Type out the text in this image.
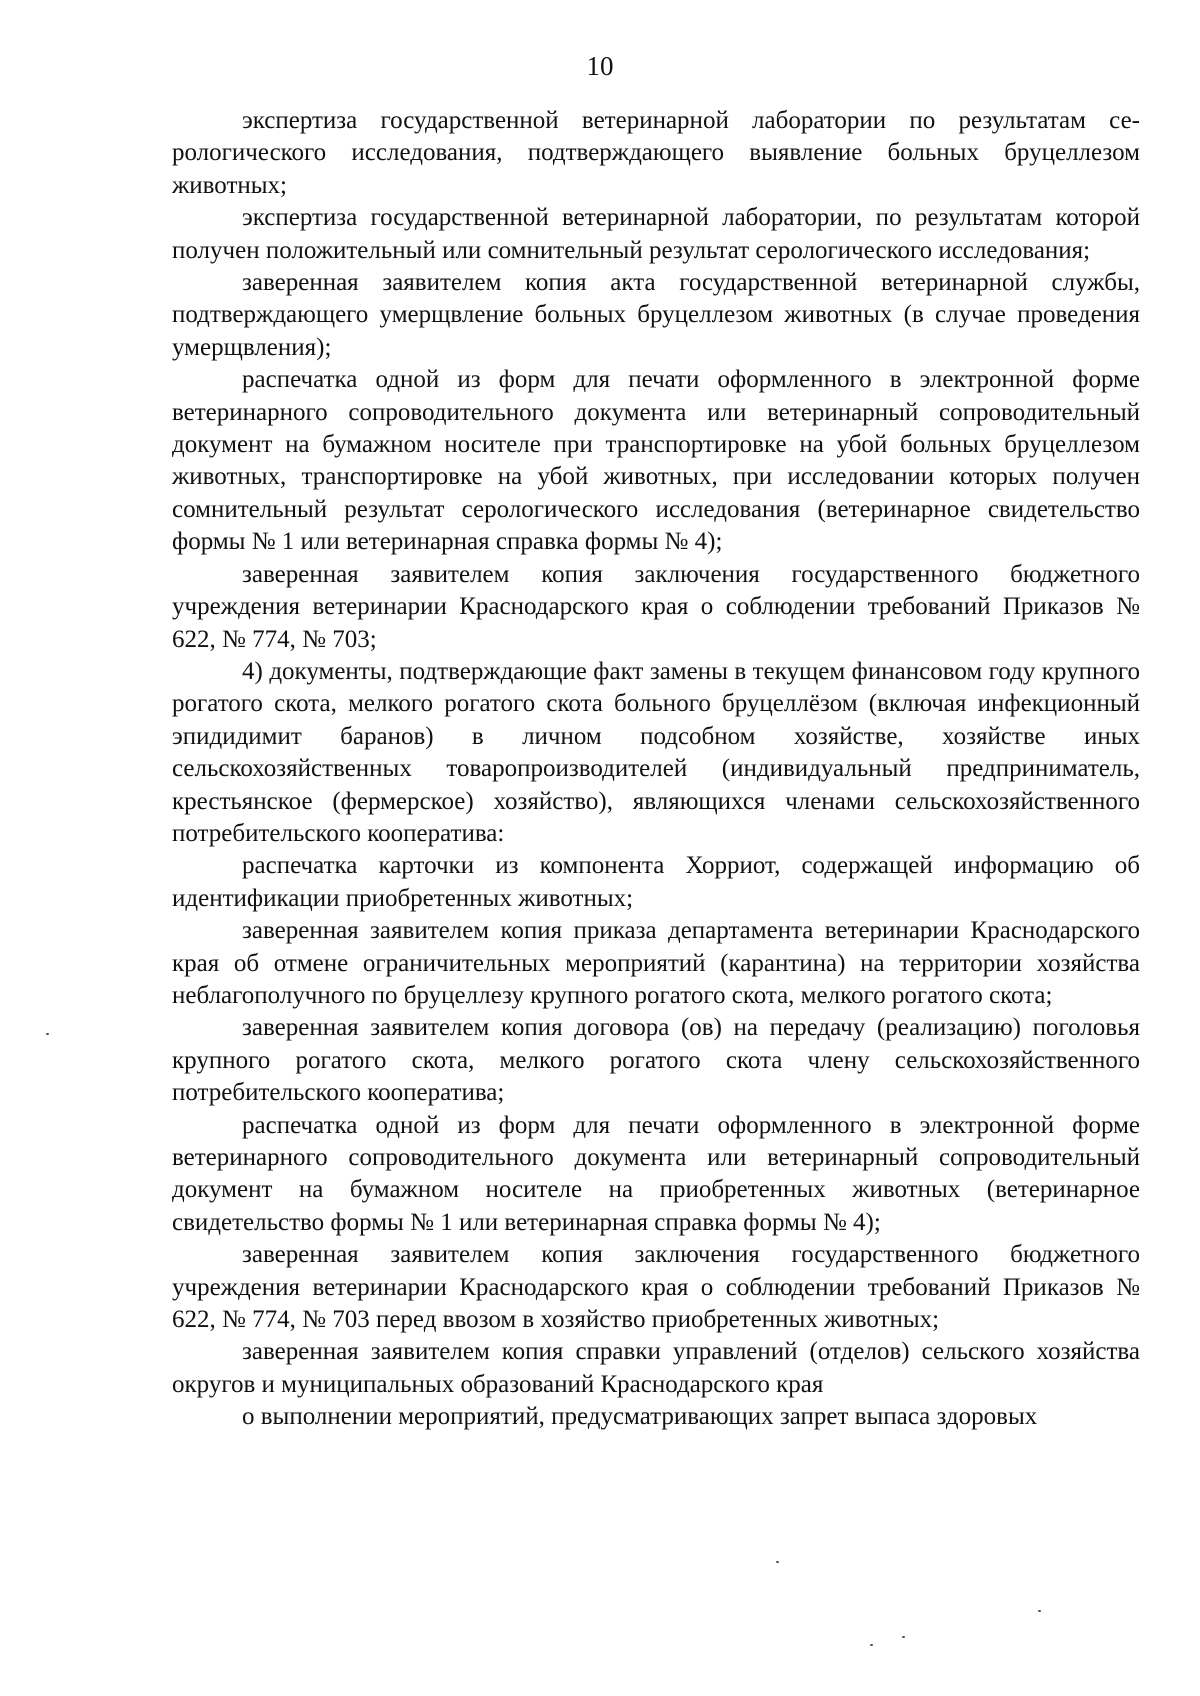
10

экспертиза государственной ветеринарной лаборатории по результатам серологического исследования, подтверждающего выявление больных бруцеллезом животных;

экспертиза государственной ветеринарной лаборатории, по результатам которой получен положительный или сомнительный результат серологического исследования;

заверенная заявителем копия акта государственной ветеринарной службы, подтверждающего умерщвление больных бруцеллезом животных (в случае проведения умерщвления);

распечатка одной из форм для печати оформленного в электронной форме ветеринарного сопроводительного документа или ветеринарный сопроводительный документ на бумажном носителе при транспортировке на убой больных бруцеллезом животных, транспортировке на убой животных, при исследовании которых получен сомнительный результат серологического исследования (ветеринарное свидетельство формы № 1 или ветеринарная справка формы № 4);

заверенная заявителем копия заключения государственного бюджетного учреждения ветеринарии Краснодарского края о соблюдении требований Приказов № 622, № 774, № 703;

4) документы, подтверждающие факт замены в текущем финансовом году крупного рогатого скота, мелкого рогатого скота больного бруцеллёзом (включая инфекционный эпидидимит баранов) в личном подсобном хозяйстве, хозяйстве иных сельскохозяйственных товаропроизводителей (индивидуальный предприниматель, крестьянское (фермерское) хозяйство), являющихся членами сельскохозяйственного потребительского кооператива:

распечатка карточки из компонента Хорриот, содержащей информацию об идентификации приобретенных животных;

заверенная заявителем копия приказа департамента ветеринарии Краснодарского края об отмене ограничительных мероприятий (карантина) на территории хозяйства неблагополучного по бруцеллезу крупного рогатого скота, мелкого рогатого скота;

заверенная заявителем копия договора (ов) на передачу (реализацию) поголовья крупного рогатого скота, мелкого рогатого скота члену сельскохозяйственного потребительского кооператива;

распечатка одной из форм для печати оформленного в электронной форме ветеринарного сопроводительного документа или ветеринарный сопроводительный документ на бумажном носителе на приобретенных животных (ветеринарное свидетельство формы № 1 или ветеринарная справка формы № 4);

заверенная заявителем копия заключения государственного бюджетного учреждения ветеринарии Краснодарского края о соблюдении требований Приказов № 622, № 774, № 703 перед ввозом в хозяйство приобретенных животных;

заверенная заявителем копия справки управлений (отделов) сельского хозяйства округов и муниципальных образований Краснодарского края

о выполнении мероприятий, предусматривающих запрет выпаса здоровых
